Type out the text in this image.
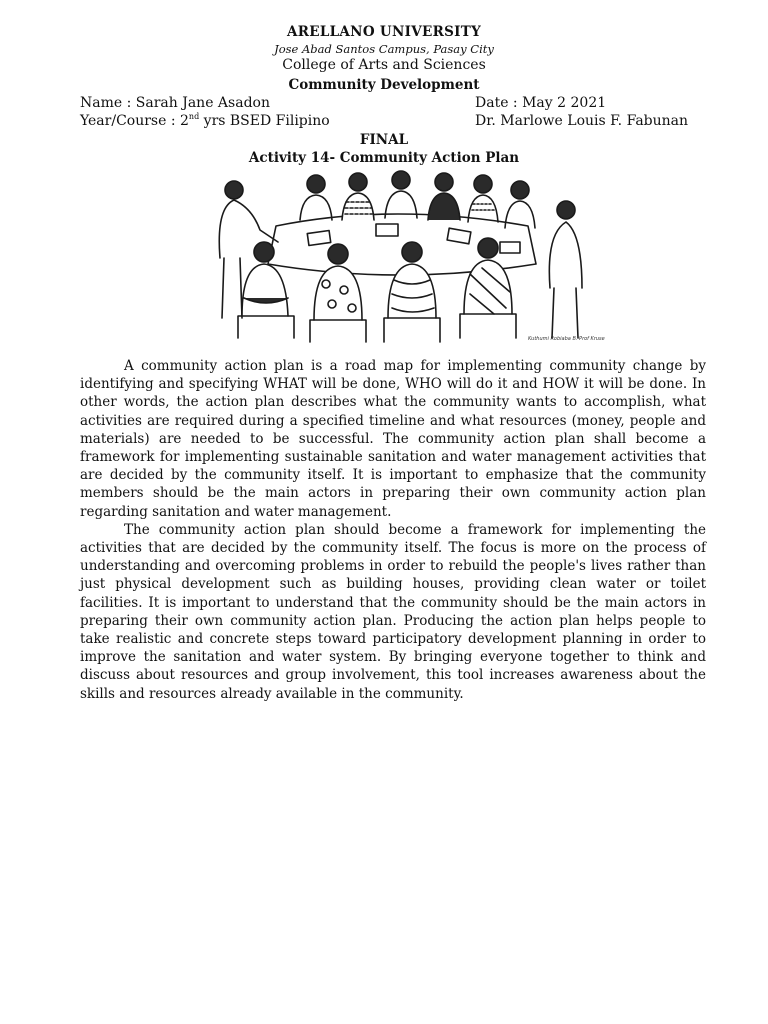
ARELLANO UNIVERSITY
Jose Abad Santos Campus, Pasay City
College of Arts and Sciences
Community Development
Name : Sarah Jane Asadon	Date : May 2 2021
Year/Course : 2nd yrs BSED Filipino	Dr. Marlowe Louis F. Fabunan
FINAL
Activity 14- Community Action Plan
Kuthumi Robiaba B. Prof Kruse

A community action plan is a road map for implementing community change by identifying and specifying WHAT will be done, WHO will do it and HOW it will be done. In other words, the action plan describes what the community wants to accomplish, what activities are required during a specified timeline and what resources (money, people and materials) are needed to be successful. The community action plan shall become a framework for implementing sustainable sanitation and water management activities that are decided by the community itself. It is important to emphasize that the community members should be the main actors in preparing their own community action plan regarding sanitation and water management.

The community action plan should become a framework for implementing the activities that are decided by the community itself. The focus is more on the process of understanding and overcoming problems in order to rebuild the people's lives rather than just physical development such as building houses, providing clean water or toilet facilities. It is important to understand that the community should be the main actors in preparing their own community action plan. Producing the action plan helps people to take realistic and concrete steps toward participatory development planning in order to improve the sanitation and water system. By bringing everyone together to think and discuss about resources and group involvement, this tool increases awareness about the skills and resources already available in the community.
